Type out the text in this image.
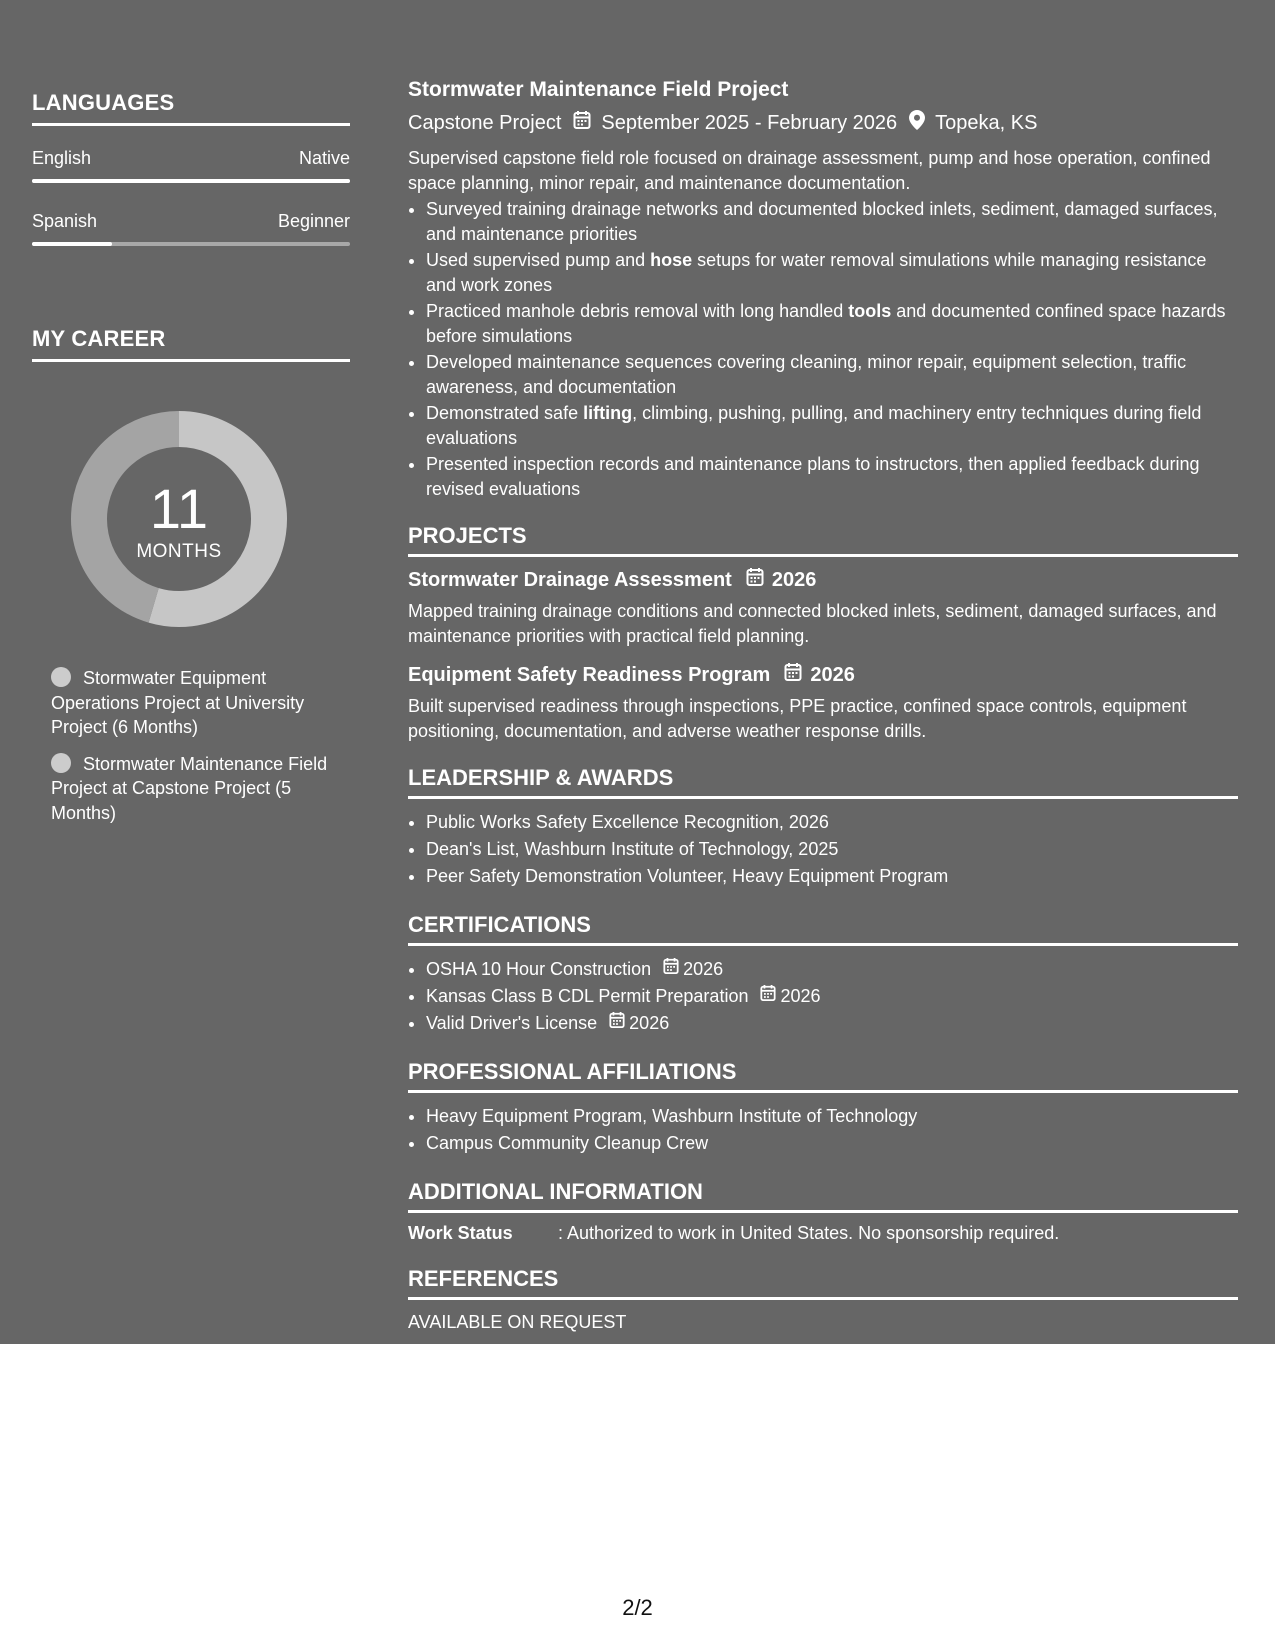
LANGUAGES
English	Native
Spanish	Beginner
MY CAREER
11
MONTHS
Stormwater Equipment Operations Project at University Project (6 Months)
Stormwater Maintenance Field Project at Capstone Project (5 Months)
Stormwater Maintenance Field Project
Capstone Project September 2025 - February 2026 Topeka, KS

Supervised capstone field role focused on drainage assessment, pump and hose operation, confined space planning, minor repair, and maintenance documentation.

• Surveyed training drainage networks and documented blocked inlets, sediment, damaged surfaces, and maintenance priorities
• Used supervised pump and hose setups for water removal simulations while managing resistance and work zones
• Practiced manhole debris removal with long handled tools and documented confined space hazards before simulations
• Developed maintenance sequences covering cleaning, minor repair, equipment selection, traffic awareness, and documentation
• Demonstrated safe lifting, climbing, pushing, pulling, and machinery entry techniques during field evaluations
• Presented inspection records and maintenance plans to instructors, then applied feedback during revised evaluations
PROJECTS
Stormwater Drainage Assessment 2026
Mapped training drainage conditions and connected blocked inlets, sediment, damaged surfaces, and maintenance priorities with practical field planning.
Equipment Safety Readiness Program 2026
Built supervised readiness through inspections, PPE practice, confined space controls, equipment positioning, documentation, and adverse weather response drills.
LEADERSHIP & AWARDS
• Public Works Safety Excellence Recognition, 2026
• Dean's List, Washburn Institute of Technology, 2025
• Peer Safety Demonstration Volunteer, Heavy Equipment Program
CERTIFICATIONS
• OSHA 10 Hour Construction 2026
• Kansas Class B CDL Permit Preparation 2026
• Valid Driver's License 2026
PROFESSIONAL AFFILIATIONS
• Heavy Equipment Program, Washburn Institute of Technology
• Campus Community Cleanup Crew
ADDITIONAL INFORMATION
Work Status	: Authorized to work in United States. No sponsorship required.
REFERENCES
AVAILABLE ON REQUEST
2/2
